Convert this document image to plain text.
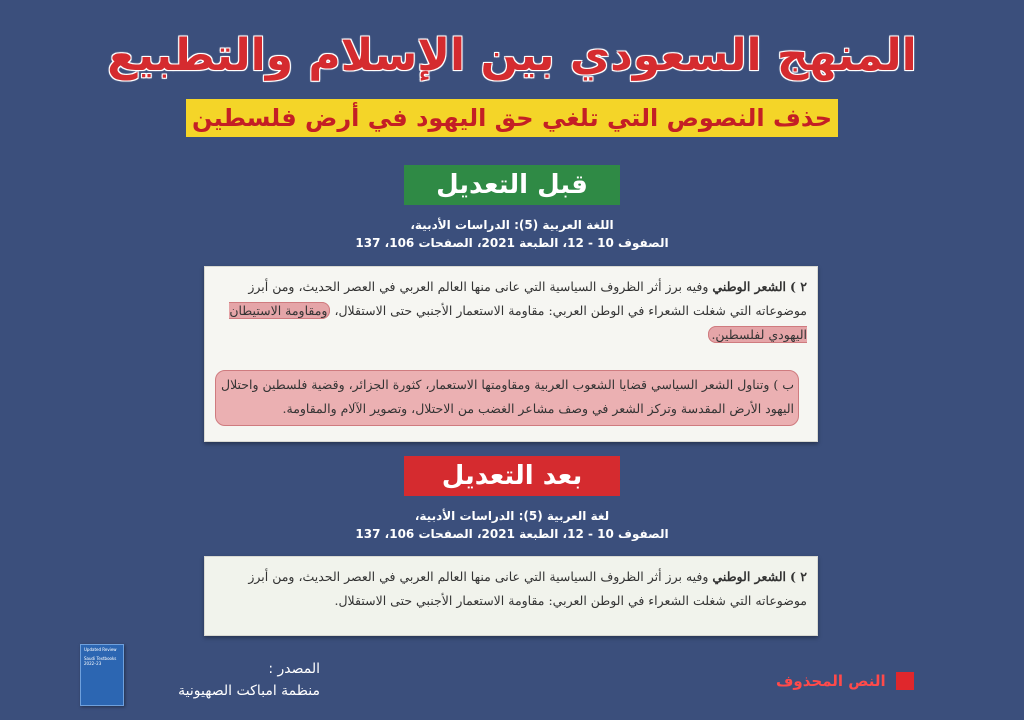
المنهج السعودي بين الإسلام والتطبيع
حذف النصوص التي تلغي حق اليهود في أرض فلسطين
قبل التعديل
اللغة العربية (5): الدراسات الأدبية،
الصفوف 10 - 12، الطبعة 2021، الصفحات 106، 137
٢ ) الشعر الوطني وفيه برز أثر الظروف السياسية التي عانى منها العالم العربي في العصر الحديث، ومن أبرز موضوعاته التي شغلت الشعراء في الوطن العربي: مقاومة الاستعمار الأجنبي حتى الاستقلال، ومقاومة الاستيطان اليهودي لفلسطين.
ب ) وتناول الشعر السياسي قضايا الشعوب العربية ومقاومتها الاستعمار، كثورة الجزائر، وقضية فلسطين واحتلال اليهود الأرض المقدسة وتركز الشعر في وصف مشاعر الغضب من الاحتلال، وتصوير الآلام والمقاومة.
بعد التعديل
لغة العربية (5): الدراسات الأدبية،
الصفوف 10 - 12، الطبعة 2021، الصفحات 106، 137
٢ ) الشعر الوطني وفيه برز أثر الظروف السياسية التي عانى منها العالم العربي في العصر الحديث، ومن أبرز موضوعاته التي شغلت الشعراء في الوطن العربي: مقاومة الاستعمار الأجنبي حتى الاستقلال.
النص المحذوف
المصدر :
منظمة امباكت الصهيونية
Updated Review
Saudi Textbooks 2022–23
